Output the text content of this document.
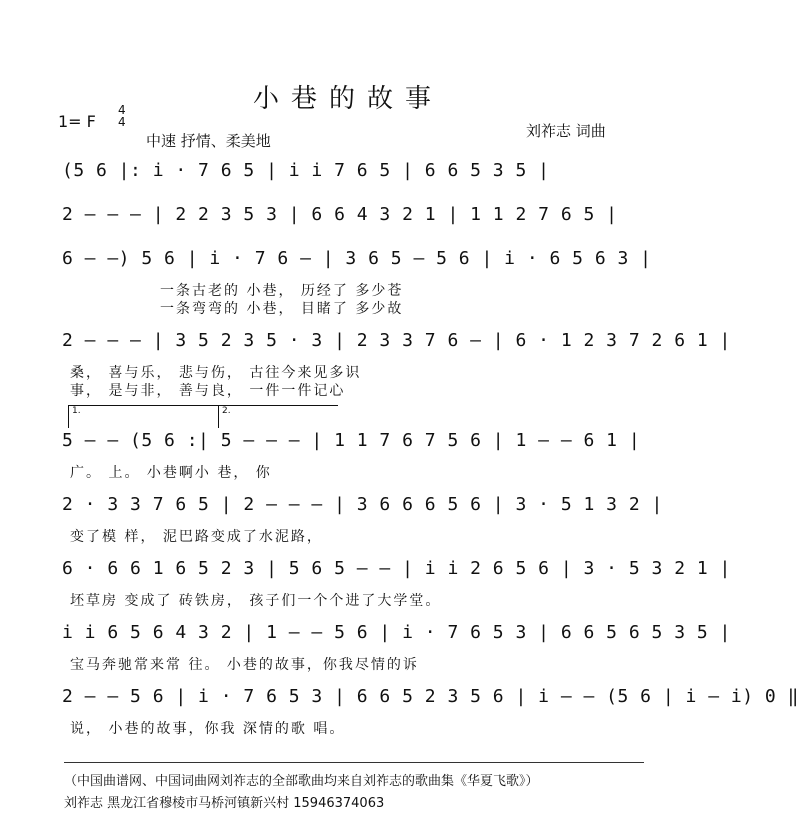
小巷的故事
1= F
4
4
中速 抒情、柔美地
刘祚志 词曲
(5 6 |: i · 7 6 5 | i i 7 6 5 | 6 6 5 3 5 |
2 — — — | 2 2 3 5 3 | 6 6 4 3 2 1 | 1 1 2 7 6 5 |
6 — —) 5 6 | i · 7 6 — | 3 6 5 — 5 6 | i · 6 5 6 3 |
一条古老的 小巷， 历经了 多少苍
一条弯弯的 小巷， 目睹了 多少故
2 — — — | 3 5 2 3 5 · 3 | 2 3 3 7 6 — | 6 · 1 2 3 7 2 6 1 |
桑， 喜与乐， 悲与伤， 古往今来见多识
事， 是与非， 善与良， 一件一件记心
1.	2.
5 — — (5 6 :| 5 — — — | 1 1 7 6 7 5 6 | 1 — — 6 1 |
广。 上。 小巷啊小 巷， 你
2 · 3 3 7 6 5 | 2 — — — | 3 6 6 6 5 6 | 3 · 5 1 3 2 |
变了模 样， 泥巴路变成了水泥路，
6 · 6 6 1 6 5 2 3 | 5 6 5 — — | i i 2 6 5 6 | 3 · 5 3 2 1 |
坯草房 变成了 砖铁房， 孩子们一个个进了大学堂。
i i 6 5 6 4 3 2 | 1 — — 5 6 | i · 7 6 5 3 | 6 6 5 6 5 3 5 |
宝马奔驰常来常 往。 小巷的故事，你我尽情的诉
2 — — 5 6 | i · 7 6 5 3 | 6 6 5 2 3 5 6 | i — — (5 6 | i — i) 0 ‖
说， 小巷的故事，你我 深情的歌 唱。
（中国曲谱网、中国词曲网刘祚志的全部歌曲均来自刘祚志的歌曲集《华夏飞歌》）
刘祚志 黑龙江省穆棱市马桥河镇新兴村 15946374063
